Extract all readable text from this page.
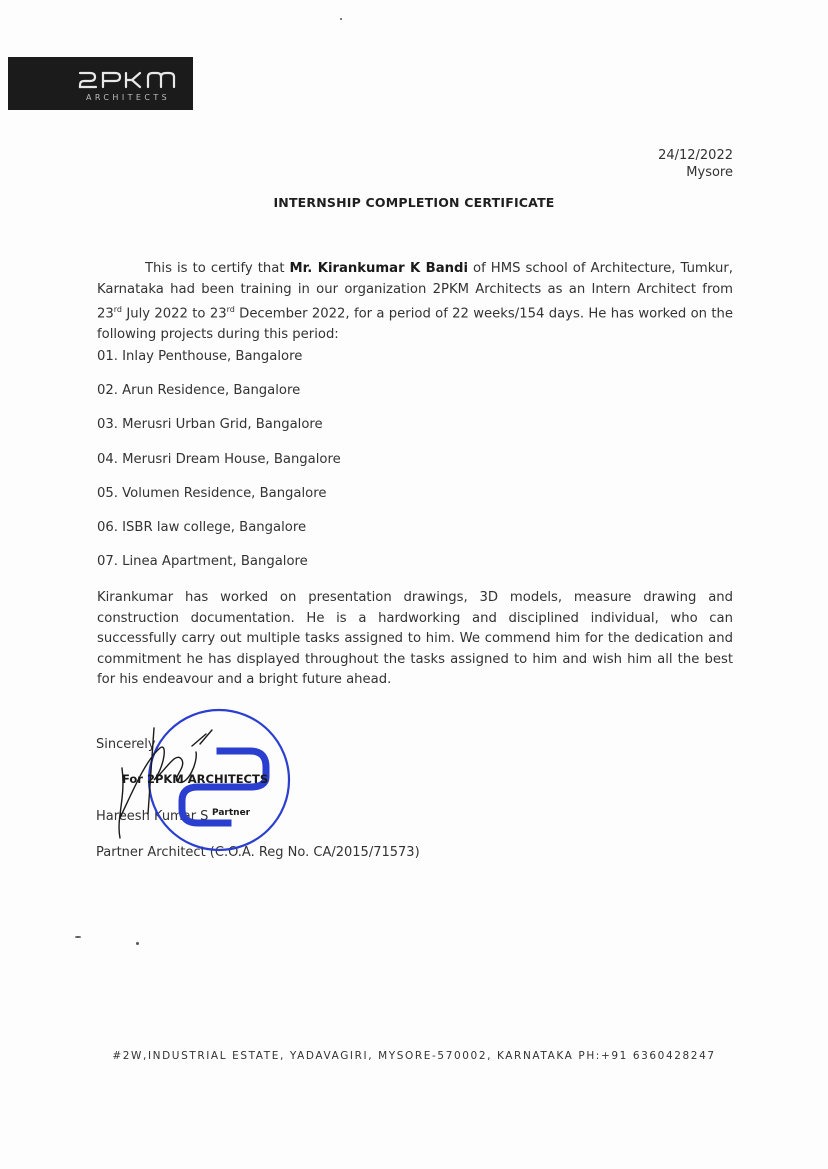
ARCHITECTS
24/12/2022
Mysore
INTERNSHIP COMPLETION CERTIFICATE
This is to certify that Mr. Kirankumar K Bandi of HMS school of Architecture, Tumkur, Karnataka had been training in our organization 2PKM Architects as an Intern Architect from 23rd July 2022 to 23rd December 2022, for a period of 22 weeks/154 days. He has worked on the following projects during this period:
01. Inlay Penthouse, Bangalore
02. Arun Residence, Bangalore
03. Merusri Urban Grid, Bangalore
04. Merusri Dream House, Bangalore
05. Volumen Residence, Bangalore
06. ISBR law college, Bangalore
07. Linea Apartment, Bangalore
Kirankumar has worked on presentation drawings, 3D models, measure drawing and construction documentation. He is a hardworking and disciplined individual, who can successfully carry out multiple tasks assigned to him. We commend him for the dedication and commitment he has displayed throughout the tasks assigned to him and wish him all the best for his endeavour and a bright future ahead.
Sincerely,
Hareesh Kumar S
Partner Architect (C.O.A. Reg No. CA/2015/71573)
For 2PKM ARCHITECTS
Partner
#2W,INDUSTRIAL ESTATE, YADAVAGIRI, MYSORE-570002, KARNATAKA PH:+91 6360428247
